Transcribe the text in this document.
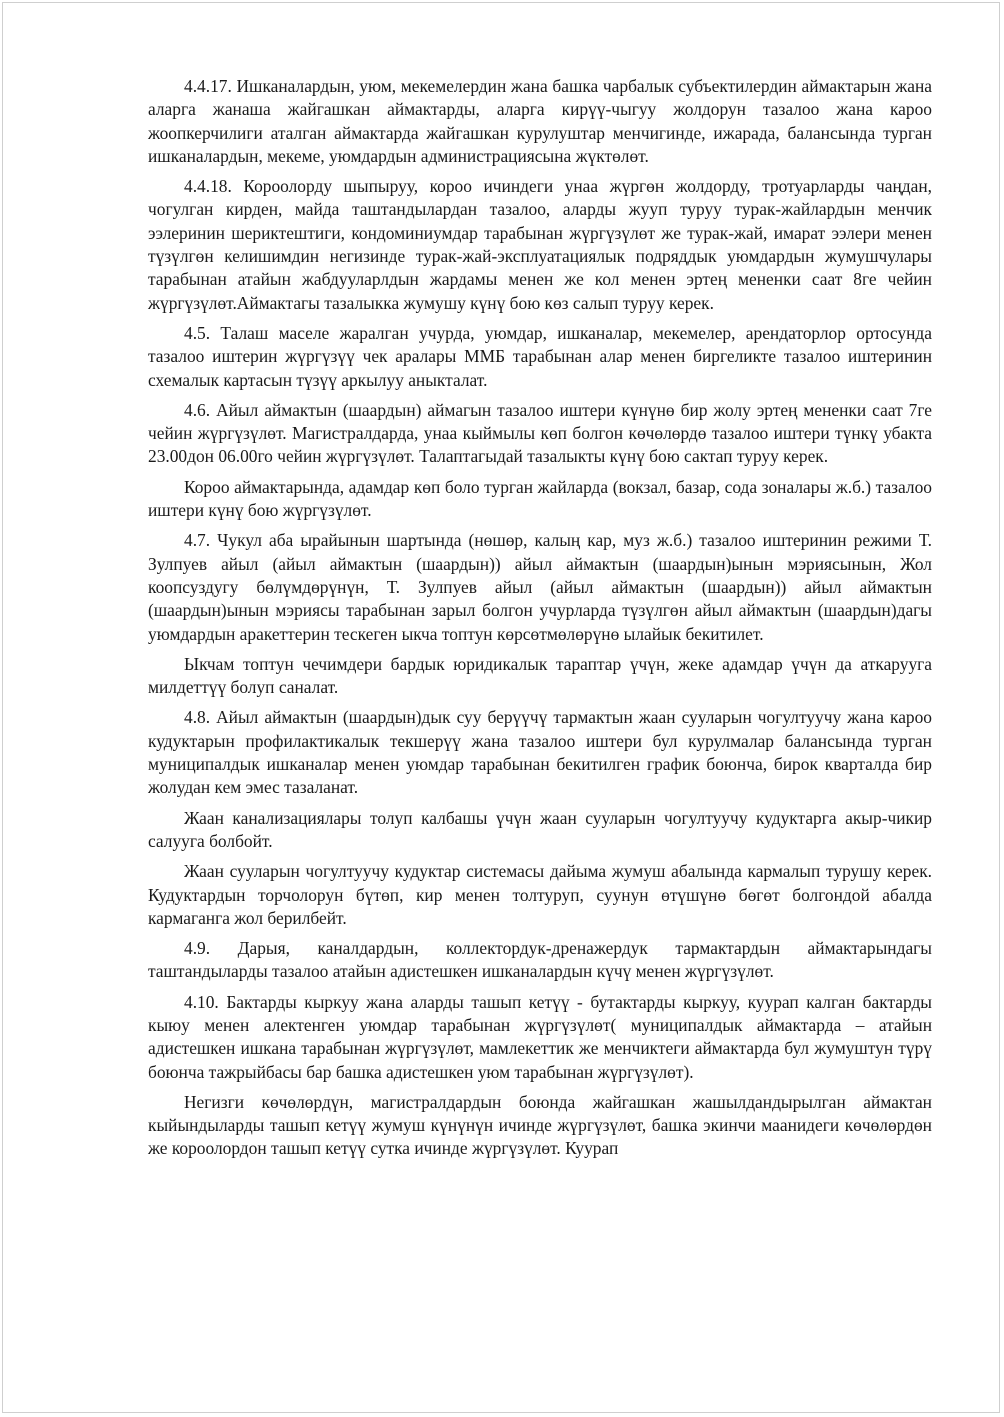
4.4.17. Ишканалардын, уюм, мекемелердин жана башка чарбалык субъектилердин аймактарын жана аларга жанаша жайгашкан аймактарды, аларга кирүү-чыгуу жолдорун тазалоо жана кароо жоопкерчилиги аталган аймактарда жайгашкан курулуштар менчигинде, ижарада, балансында турган ишканалардын, мекеме, уюмдардын администрациясына жүктөлөт.

4.4.18. Короолорду шыпыруу, короо ичиндеги унаа жүргөн жолдорду, тротуарларды чаңдан, чогулган кирден, майда таштандылардан тазалоо, аларды жууп туруу турак-жайлардын менчик ээлеринин шериктештиги, кондоминиумдар тарабынан жүргүзүлөт же турак-жай, имарат ээлери менен түзүлгөн келишимдин негизинде турак-жай-эксплуатациялык подряддык уюмдардын жумушчулары тарабынан атайын жабдууларлдын жардамы менен же кол менен эртең мененки саат 8ге чейин жүргүзүлөт.Аймактагы тазалыкка жумушу күнү бою көз салып туруу керек.

4.5. Талаш маселе жаралган учурда, уюмдар, ишканалар, мекемелер, арендаторлор ортосунда тазалоо иштерин жүргүзүү чек аралары ММБ тарабынан алар менен биргеликте тазалоо иштеринин схемалык картасын түзүү аркылуу аныкталат.

4.6. Айыл аймактын (шаардын) аймагын тазалоо иштери күнүнө бир жолу эртең мененки саат 7ге чейин жүргүзүлөт. Магистралдарда, унаа кыймылы көп болгон көчөлөрдө тазалоо иштери түнкү убакта 23.00дон 06.00го чейин жүргүзүлөт. Талаптагыдай тазалыкты күнү бою сактап туруу керек.

Короо аймактарында, адамдар көп боло турган жайларда (вокзал, базар, сода зоналары ж.б.) тазалоо иштери күнү бою жүргүзүлөт.

4.7. Чукул аба ырайынын шартында (нөшөр, калың кар, муз ж.б.) тазалоо иштеринин режими Т. Зулпуев айыл (айыл аймактын (шаардын)) айыл аймактын (шаардын)ынын мэриясынын, Жол коопсуздугу бөлүмдөрүнүн, Т. Зулпуев айыл (айыл аймактын (шаардын)) айыл аймактын (шаардын)ынын мэриясы тарабынан зарыл болгон учурларда түзүлгөн айыл аймактын (шаардын)дагы уюмдардын аракеттерин тескеген ыкча топтун көрсөтмөлөрүнө ылайык бекитилет.

Ыкчам топтун чечимдери бардык юридикалык тараптар үчүн, жеке адамдар үчүн да аткарууга милдеттүү болуп саналат.

4.8. Айыл аймактын (шаардын)дык суу берүүчү тармактын жаан сууларын чогултуучу жана кароо кудуктарын профилактикалык текшерүү жана тазалоо иштери бул курулмалар балансында турган муниципалдык ишканалар менен уюмдар тарабынан бекитилген график боюнча, бирок кварталда бир жолудан кем эмес тазаланат.

Жаан канализациялары толуп калбашы үчүн жаан сууларын чогултуучу кудуктарга акыр-чикир салууга болбойт.

Жаан сууларын чогултуучу кудуктар системасы дайыма жумуш абалында кармалып турушу керек. Кудуктардын торчолорун бүтөп, кир менен толтуруп, суунун өтүшүнө бөгөт болгондой абалда кармаганга жол берилбейт.

4.9. Дарыя, каналдардын, коллектордук-дренажердук тармактардын аймактарындагы таштандыларды тазалоо атайын адистешкен ишканалардын күчү менен жүргүзүлөт.

4.10. Бактарды кыркуу жана аларды ташып кетүү - бутактарды кыркуу, куурап калган бактарды кыюу менен алектенген уюмдар тарабынан жүргүзүлөт( муниципалдык аймактарда – атайын адистешкен ишкана тарабынан жүргүзүлөт, мамлекеттик же менчиктеги аймактарда бул жумуштун түрү боюнча тажрыйбасы бар башка адистешкен уюм тарабынан жүргүзүлөт).

Негизги көчөлөрдүн, магистралдардын боюнда жайгашкан жашылдандырылган аймактан кыйындыларды ташып кетүү жумуш күнүнүн ичинде жүргүзүлөт, башка экинчи маанидеги көчөлөрдөн же короолордон ташып кетүү сутка ичинде жүргүзүлөт. Куурап
